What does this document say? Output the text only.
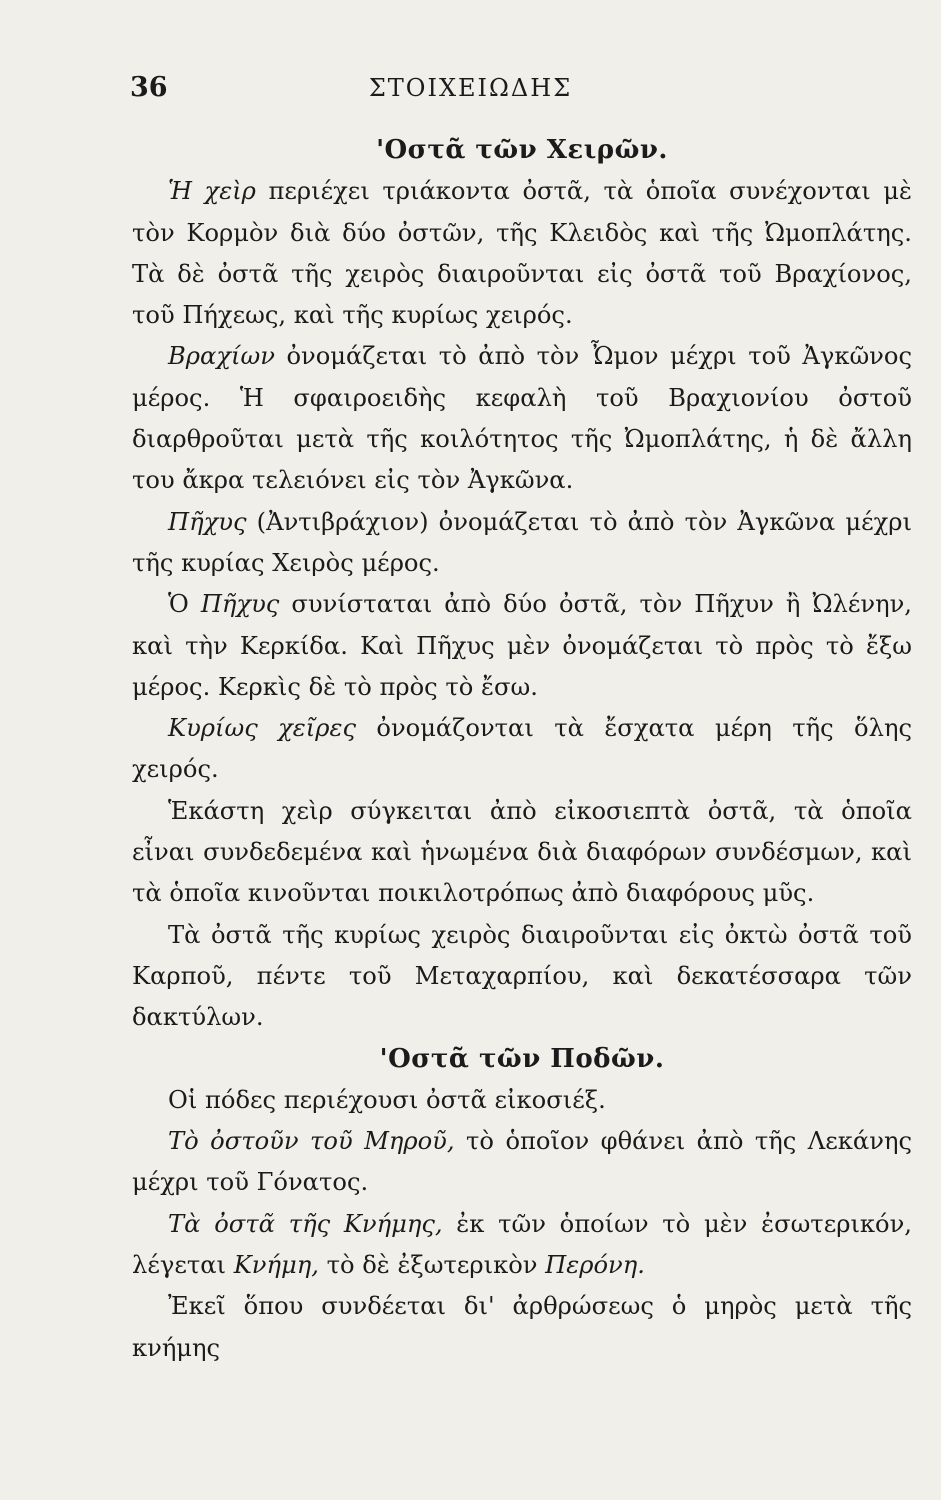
36	ΣΤΟΙΧΕΙΩΔΗΣ

'Οστᾶ τῶν Χειρῶν.

Ἡ χεὶρ περιέχει τριάκοντα ὀστᾶ, τὰ ὁποῖα συνέχονται μὲ τὸν Κορμὸν διὰ δύο ὀστῶν, τῆς Κλειδὸς καὶ τῆς Ὠμοπλάτης. Τὰ δὲ ὀστᾶ τῆς χειρὸς διαιροῦνται εἰς ὀστᾶ τοῦ Βραχίονος, τοῦ Πήχεως, καὶ τῆς κυρίως χειρός.

Βραχίων ὀνομάζεται τὸ ἀπὸ τὸν Ὦμον μέχρι τοῦ Ἀγκῶνος μέρος. Ἡ σφαιροειδὴς κεφαλὴ τοῦ Βραχιονίου ὀστοῦ διαρθροῦται μετὰ τῆς κοιλότητος τῆς Ὠμοπλάτης, ἡ δὲ ἄλλη του ἄκρα τελειόνει εἰς τὸν Ἀγκῶνα.

Πῆχυς (Ἀντιβράχιον) ὀνομάζεται τὸ ἀπὸ τὸν Ἀγκῶνα μέχρι τῆς κυρίας Χειρὸς μέρος.

Ὁ Πῆχυς συνίσταται ἀπὸ δύο ὀστᾶ, τὸν Πῆχυν ἢ Ὠλένην, καὶ τὴν Κερκίδα. Καὶ Πῆχυς μὲν ὀνομάζεται τὸ πρὸς τὸ ἔξω μέρος. Κερκὶς δὲ τὸ πρὸς τὸ ἔσω.

Κυρίως χεῖρες ὀνομάζονται τὰ ἔσχατα μέρη τῆς ὅλης χειρός.

Ἑκάστη χεὶρ σύγκειται ἀπὸ εἰκοσιεπτὰ ὀστᾶ, τὰ ὁποῖα εἶναι συνδεδεμένα καὶ ἡνωμένα διὰ διαφόρων συνδέσμων, καὶ τὰ ὁποῖα κινοῦνται ποικιλοτρόπως ἀπὸ διαφόρους μῦς.

Τὰ ὀστᾶ τῆς κυρίως χειρὸς διαιροῦνται εἰς ὀκτὼ ὀστᾶ τοῦ Καρποῦ, πέντε τοῦ Μεταχαρπίου, καὶ δεκατέσσαρα τῶν δακτύλων.

'Οστᾶ τῶν Ποδῶν.

Οἱ πόδες περιέχουσι ὀστᾶ εἰκοσιέξ.

Τὸ ὀστοῦν τοῦ Μηροῦ, τὸ ὁποῖον φθάνει ἀπὸ τῆς Λεκάνης μέχρι τοῦ Γόνατος.

Τὰ ὀστᾶ τῆς Κνήμης, ἐκ τῶν ὁποίων τὸ μὲν ἐσωτερικόν, λέγεται Κνήμη, τὸ δὲ ἐξωτερικὸν Περόνη.

Ἐκεῖ ὅπου συνδέεται δι' ἀρθρώσεως ὁ μηρὸς μετὰ τῆς κνήμης
